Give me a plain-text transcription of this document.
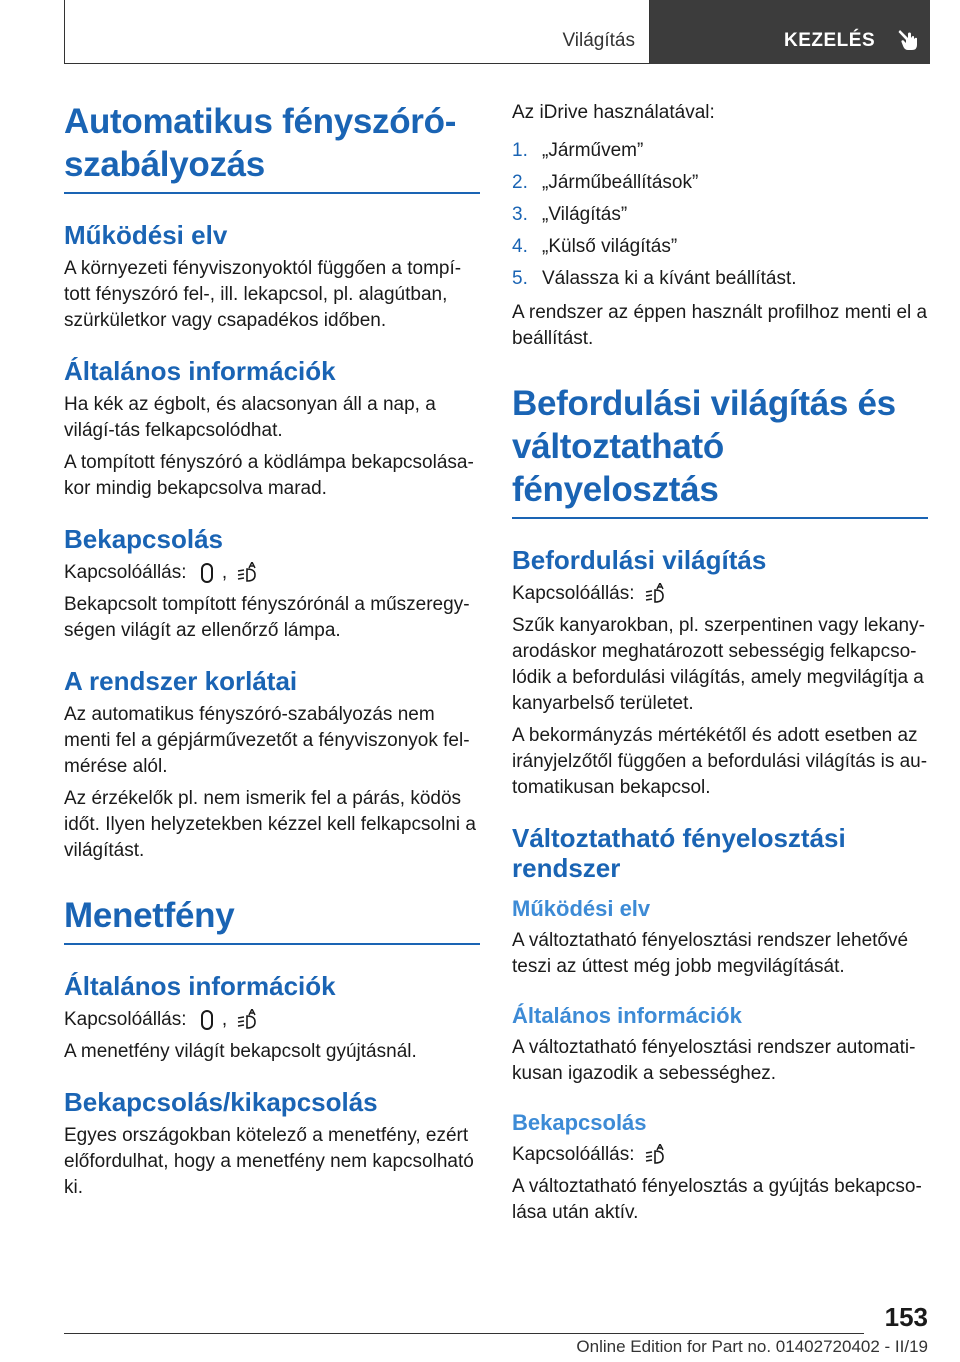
Világítás	KEZELÉS
Automatikus fényszóró-szabályozás
Működési elv

A környezeti fényviszonyoktól függően a tompí-tott fényszóró fel-, ill. lekapcsol, pl. alagútban, szürkületkor vagy csapadékos időben.

Általános információk

Ha kék az égbolt, és alacsonyan áll a nap, a világí-tás felkapcsolódhat.

A tompított fényszóró a ködlámpa bekapcsolása-kor mindig bekapcsolva marad.

Bekapcsolás

Kapcsolóállás: ,

Bekapcsolt tompított fényszórónál a műszeregy-ségen világít az ellenőrző lámpa.

A rendszer korlátai

Az automatikus fényszóró-szabályozás nem menti fel a gépjárművezetőt a fényviszonyok fel-mérése alól.

Az érzékelők pl. nem ismerik fel a párás, ködös időt. Ilyen helyzetekben kézzel kell felkapcsolni a világítást.

Menetfény
Általános információk

Kapcsolóállás: ,

A menetfény világít bekapcsolt gyújtásnál.

Bekapcsolás/kikapcsolás

Egyes országokban kötelező a menetfény, ezért előfordulhat, hogy a menetfény nem kapcsolható ki.

Az iDrive használatával:

1. „Járművem”
2. „Járműbeállítások”
3. „Világítás”
4. „Külső világítás”
5. Válassza ki a kívánt beállítást.

A rendszer az éppen használt profilhoz menti el a beállítást.

Befordulási világítás és változtatható fényelosztás
Befordulási világítás

Kapcsolóállás:

Szűk kanyarokban, pl. szerpentinen vagy lekany-arodáskor meghatározott sebességig felkapcso-lódik a befordulási világítás, amely megvilágítja a kanyarbelső területet.

A bekormányzás mértékétől és adott esetben az irányjelzőtől függően a befordulási világítás is au-tomatikusan bekapcsol.

Változtatható fényelosztási rendszer
Működési elv

A változtatható fényelosztási rendszer lehetővé teszi az úttest még jobb megvilágítását.

Általános információk

A változtatható fényelosztási rendszer automati-kusan igazodik a sebességhez.

Bekapcsolás

Kapcsolóállás:

A változtatható fényelosztás a gyújtás bekapcso-lása után aktív.

153
Online Edition for Part no. 01402720402 - II/19
